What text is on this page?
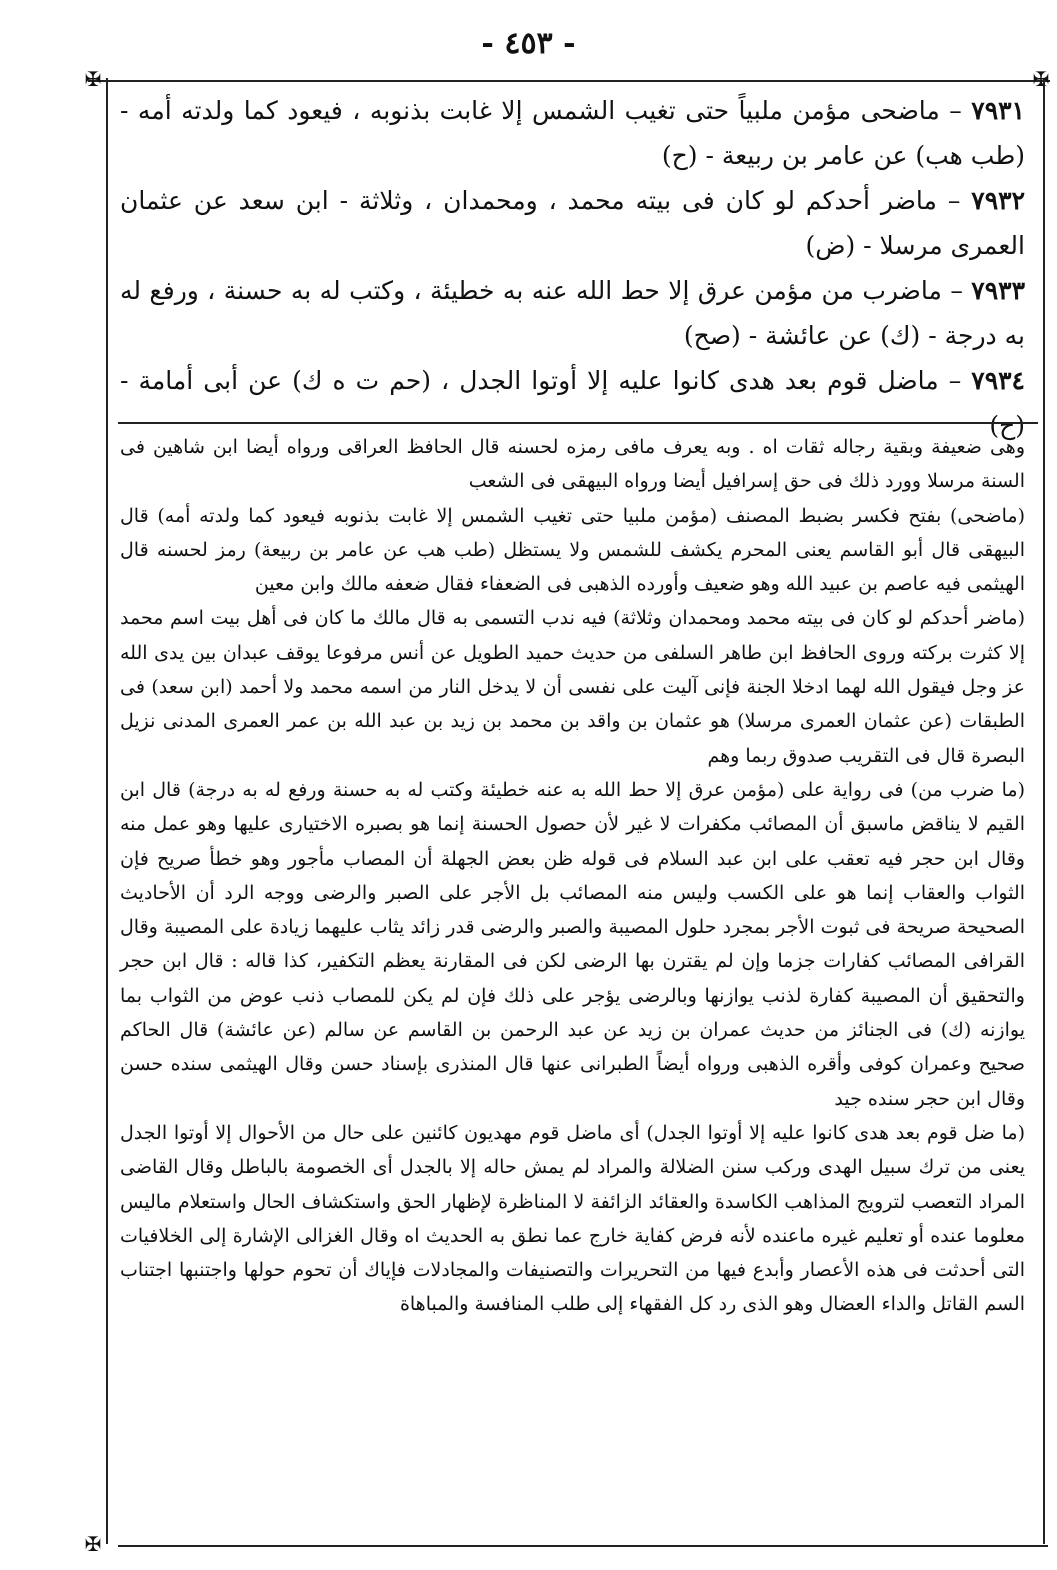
- ٤٥٣ -
✠	✠
✠

٧٩٣١ – ماضحى مؤمن ملبياً حتى تغيب الشمس إلا غابت بذنوبه ، فيعود كما ولدته أمه - (طب هب) عن عامر بن ربيعة - (ح)

٧٩٣٢ – ماضر أحدكم لو كان فى بيته محمد ، ومحمدان ، وثلاثة - ابن سعد عن عثمان العمرى مرسلا - (ض)

٧٩٣٣ – ماضرب من مؤمن عرق إلا حط الله عنه به خطيئة ، وكتب له به حسنة ، ورفع له به درجة - (ك) عن عائشة - (صح)

٧٩٣٤ – ماضل قوم بعد هدى كانوا عليه إلا أوتوا الجدل ، (حم ت ه ك) عن أبى أمامة - (ح)

وهى ضعيفة وبقية رجاله ثقات اه . وبه يعرف مافى رمزه لحسنه قال الحافظ العراقى ورواه أيضا ابن شاهين فى السنة مرسلا وورد ذلك فى حق إسرافيل أيضا ورواه البيهقى فى الشعب

(ماضحى) بفتح فكسر بضبط المصنف (مؤمن ملبيا حتى تغيب الشمس إلا غابت بذنوبه فيعود كما ولدته أمه) قال البيهقى قال أبو القاسم يعنى المحرم يكشف للشمس ولا يستظل (طب هب عن عامر بن ربيعة) رمز لحسنه قال الهيثمى فيه عاصم بن عبيد الله وهو ضعيف وأورده الذهبى فى الضعفاء فقال ضعفه مالك وابن معين

(ماضر أحدكم لو كان فى بيته محمد ومحمدان وثلاثة) فيه ندب التسمى به قال مالك ما كان فى أهل بيت اسم محمد إلا كثرت بركته وروى الحافظ ابن طاهر السلفى من حديث حميد الطويل عن أنس مرفوعا يوقف عبدان بين يدى الله عز وجل فيقول الله لهما ادخلا الجنة فإنى آليت على نفسى أن لا يدخل النار من اسمه محمد ولا أحمد (ابن سعد) فى الطبقات (عن عثمان العمرى مرسلا) هو عثمان بن واقد بن محمد بن زيد بن عبد الله بن عمر العمرى المدنى نزيل البصرة قال فى التقريب صدوق ربما وهم

(ما ضرب من) فى رواية على (مؤمن عرق إلا حط الله به عنه خطيئة وكتب له به حسنة ورفع له به درجة) قال ابن القيم لا يناقض ماسبق أن المصائب مكفرات لا غير لأن حصول الحسنة إنما هو بصبره الاختيارى عليها وهو عمل منه وقال ابن حجر فيه تعقب على ابن عبد السلام فى قوله ظن بعض الجهلة أن المصاب مأجور وهو خطأ صريح فإن الثواب والعقاب إنما هو على الكسب وليس منه المصائب بل الأجر على الصبر والرضى ووجه الرد أن الأحاديث الصحيحة صريحة فى ثبوت الأجر بمجرد حلول المصيبة والصبر والرضى قدر زائد يثاب عليهما زيادة على المصيبة وقال القرافى المصائب كفارات جزما وإن لم يقترن بها الرضى لكن فى المقارنة يعظم التكفير، كذا قاله : قال ابن حجر والتحقيق أن المصيبة كفارة لذنب يوازنها وبالرضى يؤجر على ذلك فإن لم يكن للمصاب ذنب عوض من الثواب بما يوازنه (ك) فى الجنائز من حديث عمران بن زيد عن عبد الرحمن بن القاسم عن سالم (عن عائشة) قال الحاكم صحيح وعمران كوفى وأقره الذهبى ورواه أيضاً الطبرانى عنها قال المنذرى بإسناد حسن وقال الهيثمى سنده حسن وقال ابن حجر سنده جيد

(ما ضل قوم بعد هدى كانوا عليه إلا أوتوا الجدل) أى ماضل قوم مهديون كائنين على حال من الأحوال إلا أوتوا الجدل يعنى من ترك سبيل الهدى وركب سنن الضلالة والمراد لم يمش حاله إلا بالجدل أى الخصومة بالباطل وقال القاضى المراد التعصب لترويج المذاهب الكاسدة والعقائد الزائفة لا المناظرة لإظهار الحق واستكشاف الحال واستعلام ماليس معلوما عنده أو تعليم غيره ماعنده لأنه فرض كفاية خارج عما نطق به الحديث اه وقال الغزالى الإشارة إلى الخلافيات التى أحدثت فى هذه الأعصار وأبدع فيها من التحريرات والتصنيفات والمجادلات فإياك أن تحوم حولها واجتنبها اجتناب السم القاتل والداء العضال وهو الذى رد كل الفقهاء إلى طلب المنافسة والمباهاة
